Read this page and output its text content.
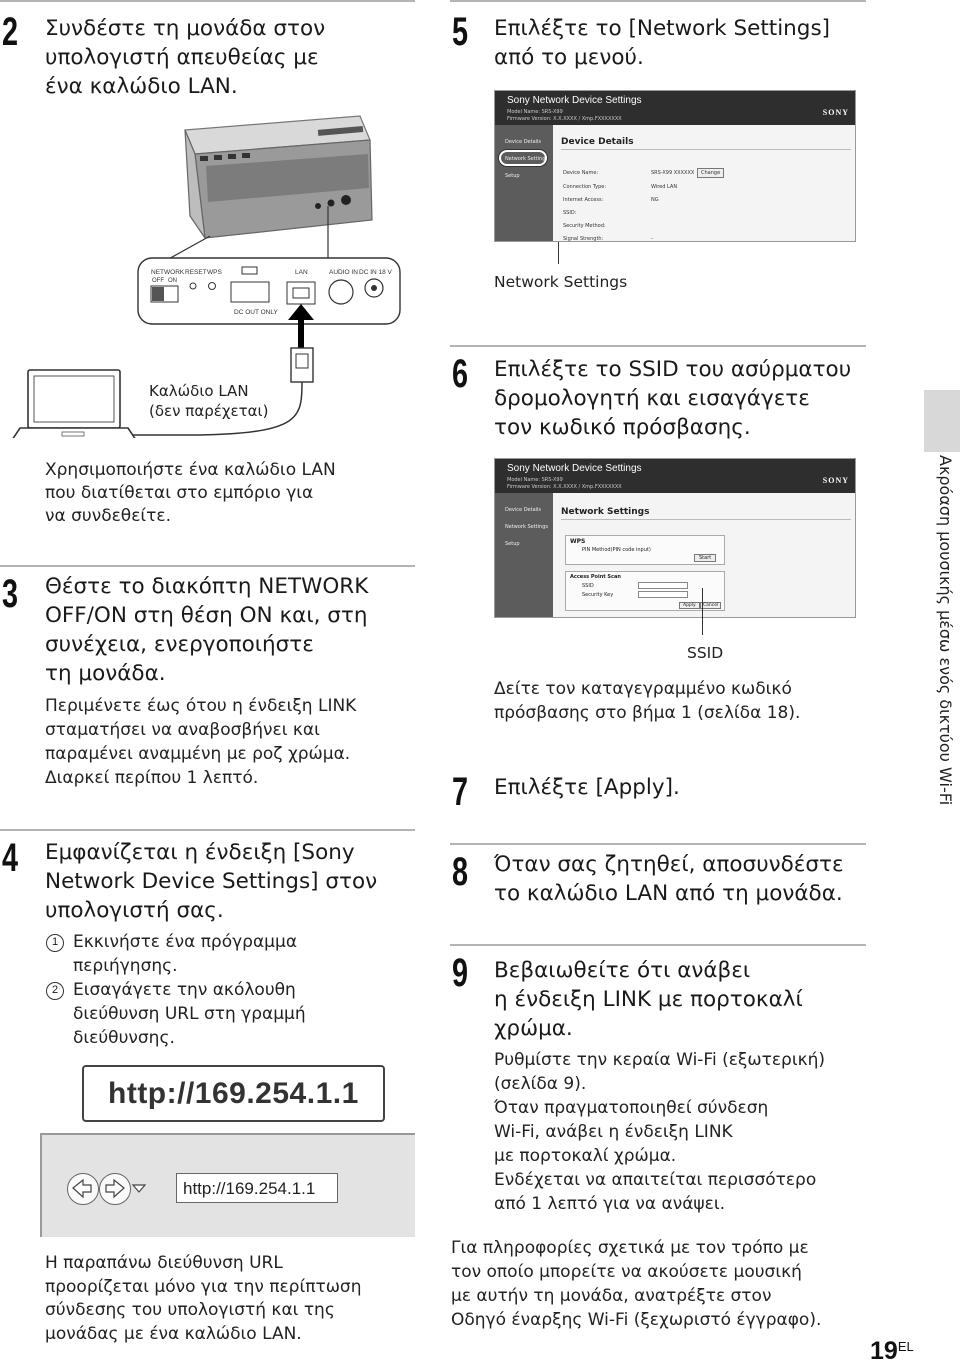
2 Συνδέστε τη μονάδα στον
υπολογιστή απευθείας με
ένα καλώδιο LAN.
NETWORK
OFF ON
RESET WPS
DC OUT ONLY
LAN	AUDIO IN DC IN 18 V
Καλώδιο LAN
(δεν παρέχεται)
Χρησιμοποιήστε ένα καλώδιο LAN
που διατίθεται στο εμπόριο για
να συνδεθείτε.
3 Θέστε το διακόπτη NETWORK
OFF/ON στη θέση ON και, στη
συνέχεια, ενεργοποιήστε
τη μονάδα.
Περιμένετε έως ότου η ένδειξη LINK
σταματήσει να αναβοσβήνει και
παραμένει αναμμένη με ροζ χρώμα.
Διαρκεί περίπου 1 λεπτό.
4 Εμφανίζεται η ένδειξη [Sony
Network Device Settings] στον
υπολογιστή σας.
1 Εκκινήστε ένα πρόγραμμα
περιήγησης.
2 Εισαγάγετε την ακόλουθη
διεύθυνση URL στη γραμμή
διεύθυνσης.
http://169.254.1.1
http://169.254.1.1
Η παραπάνω διεύθυνση URL
προορίζεται μόνο για την περίπτωση
σύνδεσης του υπολογιστή και της
μονάδας με ένα καλώδιο LAN.
5 Επιλέξτε το [Network Settings]
από το μενού.
Sony Network Device Settings
Model Name: SRS-X99
Firmware Version: X.X.XXXX / Xmp.FXXXXXXX
SONY
Device Details
Network Settings
Setup
Device Details
Device Name:	SRS-X99 XXXXXX	Change
Connection Type:	Wired LAN
Internet Access:	NG
SSID:
Security Method:
Signal Strength:	-
Network Settings
6 Επιλέξτε το SSID του ασύρματου
δρομολογητή και εισαγάγετε
τον κωδικό πρόσβασης.
Sony Network Device Settings
Model Name: SRS-X99
Firmware Version: X.X.XXXX / Xmp.FXXXXXXX
SONY
Device Details
Network Settings
Setup
Network Settings
WPS
PIN Method(PIN code input)
Start
Access Point Scan
SSID
Security Key
Apply	Cancel
SSID
Δείτε τον καταγεγραμμένο κωδικό
πρόσβασης στο βήμα 1 (σελίδα 18).
7 Επιλέξτε [Apply].
8 Όταν σας ζητηθεί, αποσυνδέστε
το καλώδιο LAN από τη μονάδα.
9 Βεβαιωθείτε ότι ανάβει
η ένδειξη LINK με πορτοκαλί
χρώμα.
Ρυθμίστε την κεραία Wi-Fi (εξωτερική)
(σελίδα 9).
Όταν πραγματοποιηθεί σύνδεση
Wi-Fi, ανάβει η ένδειξη LINK
με πορτοκαλί χρώμα.
Ενδέχεται να απαιτείται περισσότερο
από 1 λεπτό για να ανάψει.
Για πληροφορίες σχετικά με τον τρόπο με
τον οποίο μπορείτε να ακούσετε μουσική
με αυτήν τη μονάδα, ανατρέξτε στον
Οδηγό έναρξης Wi-Fi (ξεχωριστό έγγραφο).
Ακρόαση μουσικής μέσω ενός δικτύου Wi-Fi
$19^{EL}$
